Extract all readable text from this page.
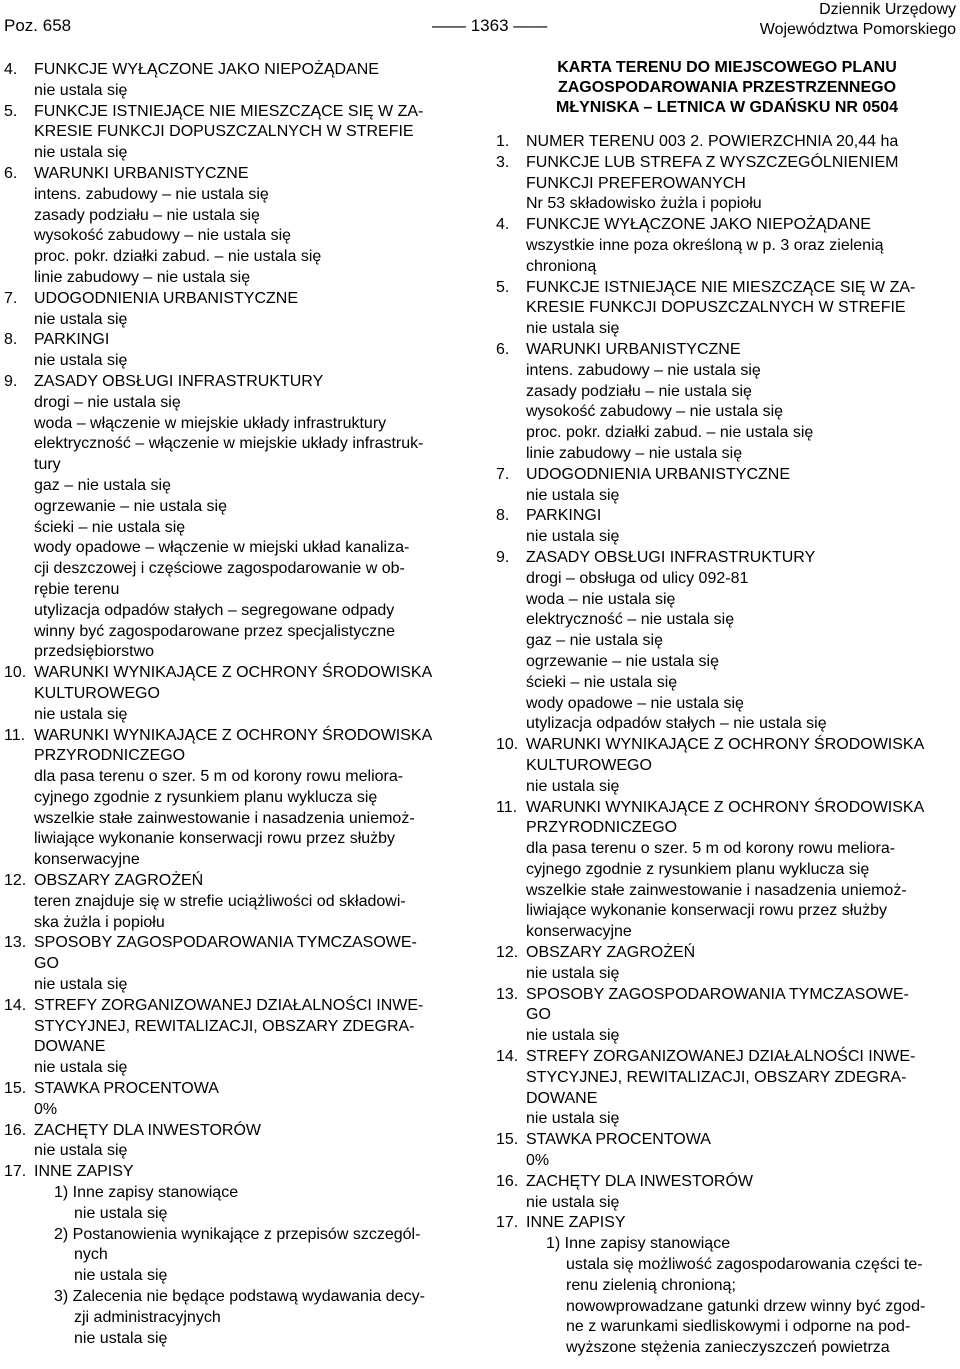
Poz. 658	—— 1363 ——
Dziennik Urzędowy
Województwa Pomorskiego
4.	FUNKCJE WYŁĄCZONE JAKO NIEPOŻĄDANE
nie ustala się
5.	FUNKCJE ISTNIEJĄCE NIE MIESZCZĄCE SIĘ W ZA-
KRESIE FUNKCJI DOPUSZCZALNYCH W STREFIE
nie ustala się
6.	WARUNKI URBANISTYCZNE
intens. zabudowy – nie ustala się
zasady podziału – nie ustala się
wysokość zabudowy – nie ustala się
proc. pokr. działki zabud. – nie ustala się
linie zabudowy – nie ustala się
7.	UDOGODNIENIA URBANISTYCZNE
nie ustala się
8.	PARKINGI
nie ustala się
9.	ZASADY OBSŁUGI INFRASTRUKTURY
drogi – nie ustala się
woda – włączenie w miejskie układy infrastruktury
elektryczność – włączenie w miejskie układy infrastruk-
tury
gaz – nie ustala się
ogrzewanie – nie ustala się
ścieki – nie ustala się
wody opadowe – włączenie w miejski układ kanaliza-
cji deszczowej i częściowe zagospodarowanie w ob-
rębie terenu
utylizacja odpadów stałych – segregowane odpady
winny być zagospodarowane przez specjalistyczne
przedsiębiorstwo
10. WARUNKI WYNIKAJĄCE Z OCHRONY ŚRODOWISKA
KULTUROWEGO
nie ustala się
11. WARUNKI WYNIKAJĄCE Z OCHRONY ŚRODOWISKA
PRZYRODNICZEGO
dla pasa terenu o szer. 5 m od korony rowu meliora-
cyjnego zgodnie z rysunkiem planu wyklucza się
wszelkie stałe zainwestowanie i nasadzenia uniemoż-
liwiające wykonanie konserwacji rowu przez służby
konserwacyjne
12. OBSZARY ZAGROŻEŃ
teren znajduje się w strefie uciążliwości od składowi-
ska żużla i popiołu
13. SPOSOBY ZAGOSPODAROWANIA TYMCZASOWE-
GO
nie ustala się
14. STREFY ZORGANIZOWANEJ DZIAŁALNOŚCI INWE-
STYCYJNEJ, REWITALIZACJI, OBSZARY ZDEGRA-
DOWANE
nie ustala się
15. STAWKA PROCENTOWA
0%
16. ZACHĘTY DLA INWESTORÓW
nie ustala się
17. INNE ZAPISY
1) Inne zapisy stanowiące
nie ustala się
2) Postanowienia wynikające z przepisów szczegól-
nych
nie ustala się
3) Zalecenia nie będące podstawą wydawania decy-
zji administracyjnych
nie ustala się
KARTA TERENU DO MIEJSCOWEGO PLANU
ZAGOSPODAROWANIA PRZESTRZENNEGO
MŁYNISKA – LETNICA W GDAŃSKU NR 0504
1.	NUMER TERENU 003 2. POWIERZCHNIA 20,44 ha
3.	FUNKCJE LUB STREFA Z WYSZCZEGÓLNIENIEM
FUNKCJI PREFEROWANYCH
Nr 53 składowisko żużla i popiołu
4.	FUNKCJE WYŁĄCZONE JAKO NIEPOŻĄDANE
wszystkie inne poza określoną w p. 3 oraz zielenią
chronioną
5.	FUNKCJE ISTNIEJĄCE NIE MIESZCZĄCE SIĘ W ZA-
KRESIE FUNKCJI DOPUSZCZALNYCH W STREFIE
nie ustala się
6.	WARUNKI URBANISTYCZNE
intens. zabudowy – nie ustala się
zasady podziału – nie ustala się
wysokość zabudowy – nie ustala się
proc. pokr. działki zabud. – nie ustala się
linie zabudowy – nie ustala się
7.	UDOGODNIENIA URBANISTYCZNE
nie ustala się
8.	PARKINGI
nie ustala się
9.	ZASADY OBSŁUGI INFRASTRUKTURY
drogi – obsługa od ulicy 092-81
woda – nie ustala się
elektryczność – nie ustala się
gaz – nie ustala się
ogrzewanie – nie ustala się
ścieki – nie ustala się
wody opadowe – nie ustala się
utylizacja odpadów stałych – nie ustala się
10. WARUNKI WYNIKAJĄCE Z OCHRONY ŚRODOWISKA
KULTUROWEGO
nie ustala się
11. WARUNKI WYNIKAJĄCE Z OCHRONY ŚRODOWISKA
PRZYRODNICZEGO
dla pasa terenu o szer. 5 m od korony rowu meliora-
cyjnego zgodnie z rysunkiem planu wyklucza się
wszelkie stałe zainwestowanie i nasadzenia uniemoż-
liwiające wykonanie konserwacji rowu przez służby
konserwacyjne
12. OBSZARY ZAGROŻEŃ
nie ustala się
13. SPOSOBY ZAGOSPODAROWANIA TYMCZASOWE-
GO
nie ustala się
14. STREFY ZORGANIZOWANEJ DZIAŁALNOŚCI INWE-
STYCYJNEJ, REWITALIZACJI, OBSZARY ZDEGRA-
DOWANE
nie ustala się
15. STAWKA PROCENTOWA
0%
16. ZACHĘTY DLA INWESTORÓW
nie ustala się
17. INNE ZAPISY
1) Inne zapisy stanowiące
ustala się możliwość zagospodarowania części te-
renu zielenią chronioną;
nowowprowadzane gatunki drzew winny być zgod-
ne z warunkami siedliskowymi i odporne na pod-
wyższone stężenia zanieczyszczeń powietrza
